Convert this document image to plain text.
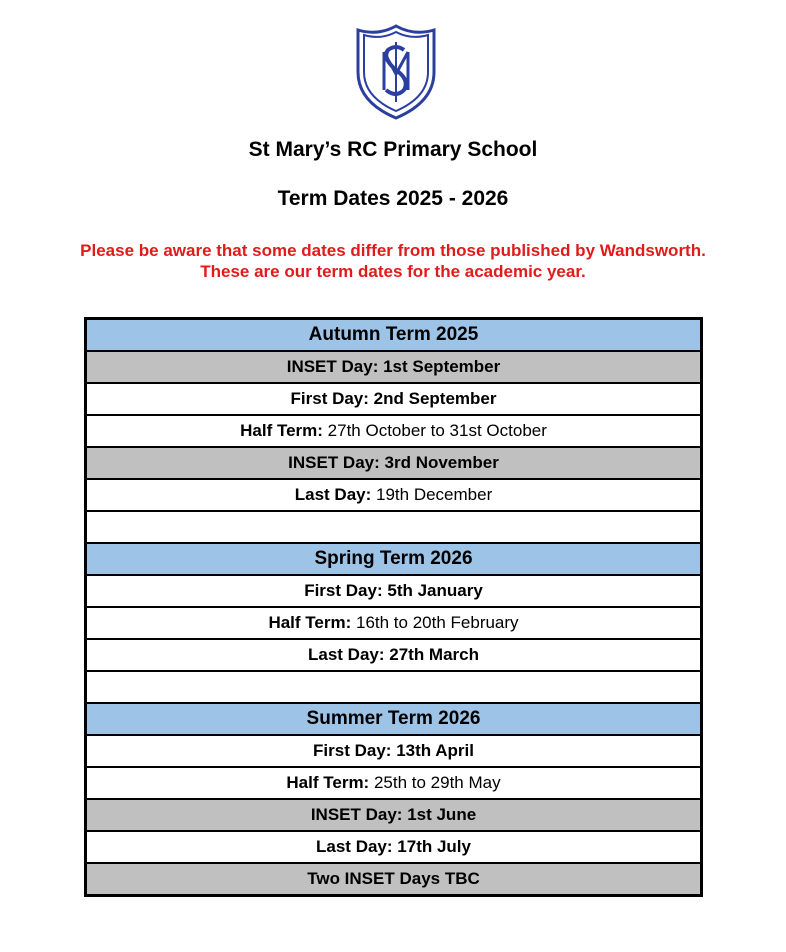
St Mary’s RC Primary School
Term Dates 2025 - 2026
Please be aware that some dates differ from those published by Wandsworth.
These are our term dates for the academic year.
Autumn Term 2025
INSET Day: 1st September
First Day: 2nd September
Half Term: 27th October to 31st October
INSET Day: 3rd November
Last Day: 19th December

Spring Term 2026
First Day: 5th January
Half Term: 16th to 20th February
Last Day: 27th March

Summer Term 2026
First Day: 13th April
Half Term: 25th to 29th May
INSET Day: 1st June
Last Day: 17th July
Two INSET Days TBC
